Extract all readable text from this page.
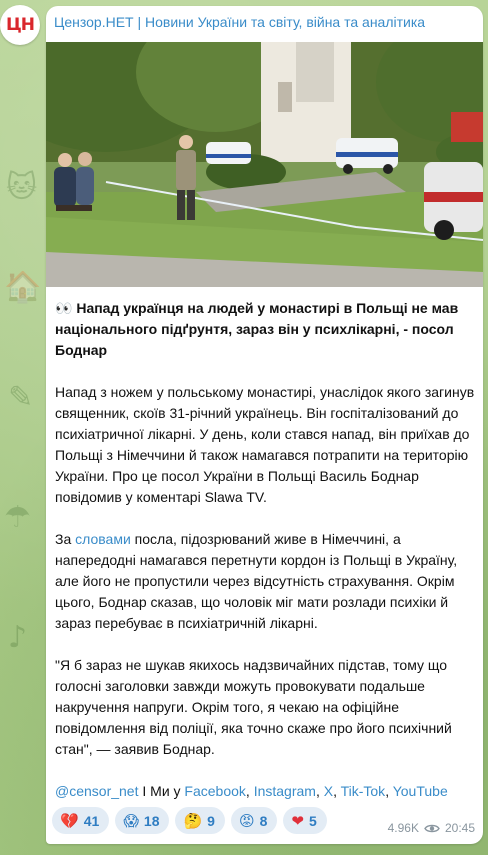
🐱
🏠
✎
☂
♪
ЦН Цензор.НЕТ | Новини України та світу, війна та аналітика

👀 Напад українця на людей у монастирі в Польщі не мав національного підґрунтя, зараз він у психлікарні, - посол Боднар

Напад з ножем у польському монастирі, унаслідок якого загинув священник, скоїв 31-річний українець. Він госпіталізований до психіатричної лікарні. У день, коли стався напад, він приїхав до Польщі з Німеччини й також намагався потрапити на територію України. Про це посол України в Польщі Василь Боднар повідомив у коментарі Slawa TV.

За словами посла, підозрюваний живе в Німеччині, а напередодні намагався перетнути кордон із Польщі в Україну, але його не пропустили через відсутність страхування. Окрім цього, Боднар сказав, що чоловік міг мати розлади психіки й зараз перебуває в психіатричній лікарні.

"Я б зараз не шукав якихось надзвичайних підстав, тому що голосні заголовки завжди можуть провокувати подальше накручення напруги. Окрім того, я чекаю на офіційне повідомлення від поліції, яка точно скаже про його психічний стан", — заявив Боднар.

@censor_net І Ми у Facebook, Instagram, X, Tik-Tok, YouTube

💔 41 😱 18 🤔 9 😡 8 ❤ 5	4.96K 20:45
